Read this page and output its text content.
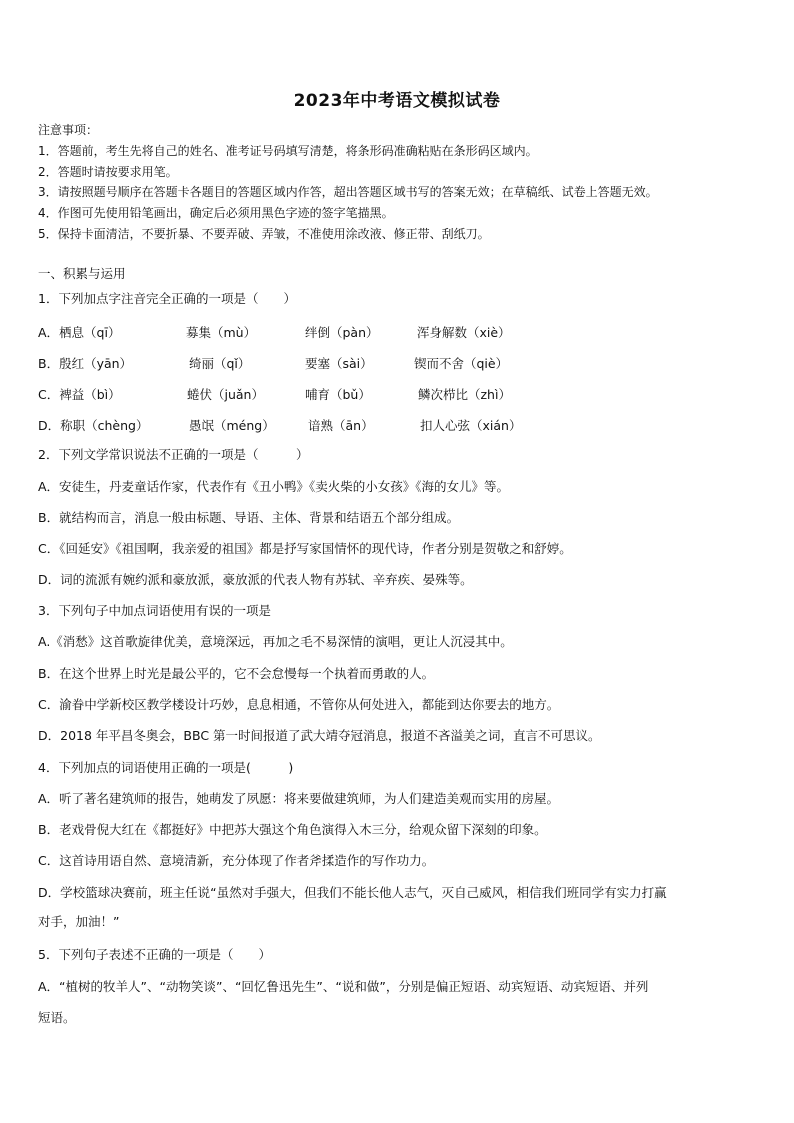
2023年中考语文模拟试卷
注意事项：
1．答题前，考生先将自己的姓名、准考证号码填写清楚，将条形码准确粘贴在条形码区域内。
2．答题时请按要求用笔。
3．请按照题号顺序在答题卡各题目的答题区域内作答，超出答题区域书写的答案无效；在草稿纸、试卷上答题无效。
4．作图可先使用铅笔画出，确定后必须用黑色字迹的签字笔描黑。
5．保持卡面清洁，不要折暴、不要弄破、弄皱，不准使用涂改液、修正带、刮纸刀。
一、积累与运用
1．下列加点字注音完全正确的一项是（　　）
A．栖息（qī）	募集（mù）	绊倒（pàn）	浑身解数（xiè）
B．殷红（yān）	绮丽（qǐ）	要塞（sài）	锲而不舍（qiè）
C．裨益（bì）	蜷伏（juǎn）	哺育（bǔ）	鳞次栉比（zhì）
D．称职（chèng）	愚氓（méng）	谙熟（ān）	扣人心弦（xián）
2．下列文学常识说法不正确的一项是（　　　）
A．安徒生，丹麦童话作家，代表作有《丑小鸭》《卖火柴的小女孩》《海的女儿》等。
B．就结构而言，消息一般由标题、导语、主体、背景和结语五个部分组成。
C．《回延安》《祖国啊，我亲爱的祖国》都是抒写家国情怀的现代诗，作者分别是贺敬之和舒婷。
D．词的流派有婉约派和豪放派，豪放派的代表人物有苏轼、辛弃疾、晏殊等。
3．下列句子中加点词语使用有误的一项是
A.《消愁》这首歌旋律优美，意境深远，再加之毛不易深情的演唱，更让人沉浸其中。
B．在这个世界上时光是最公平的，它不会怠慢每一个执着而勇敢的人。
C．渝眷中学新校区教学楼设计巧妙，息息相通，不管你从何处进入，都能到达你要去的地方。
D．2018 年平昌冬奥会，BBC 第一时间报道了武大靖夺冠消息，报道不吝溢美之词，直言不可思议。
4．下列加点的词语使用正确的一项是(　　　)
A．听了著名建筑师的报告，她萌发了夙愿：将来要做建筑师，为人们建造美观而实用的房屋。
B．老戏骨倪大红在《都挺好》中把苏大强这个角色演得入木三分，给观众留下深刻的印象。
C．这首诗用语自然、意境清新，充分体现了作者斧揉造作的写作功力。
D．学校篮球决赛前，班主任说“虽然对手强大，但我们不能长他人志气，灭自己威风，相信我们班同学有实力打赢
对手，加油！”
5．下列句子表述不正确的一项是（　　）
A．“植树的牧羊人”、“动物笑谈”、“回忆鲁迅先生”、“说和做”，分别是偏正短语、动宾短语、动宾短语、并列
短语。
